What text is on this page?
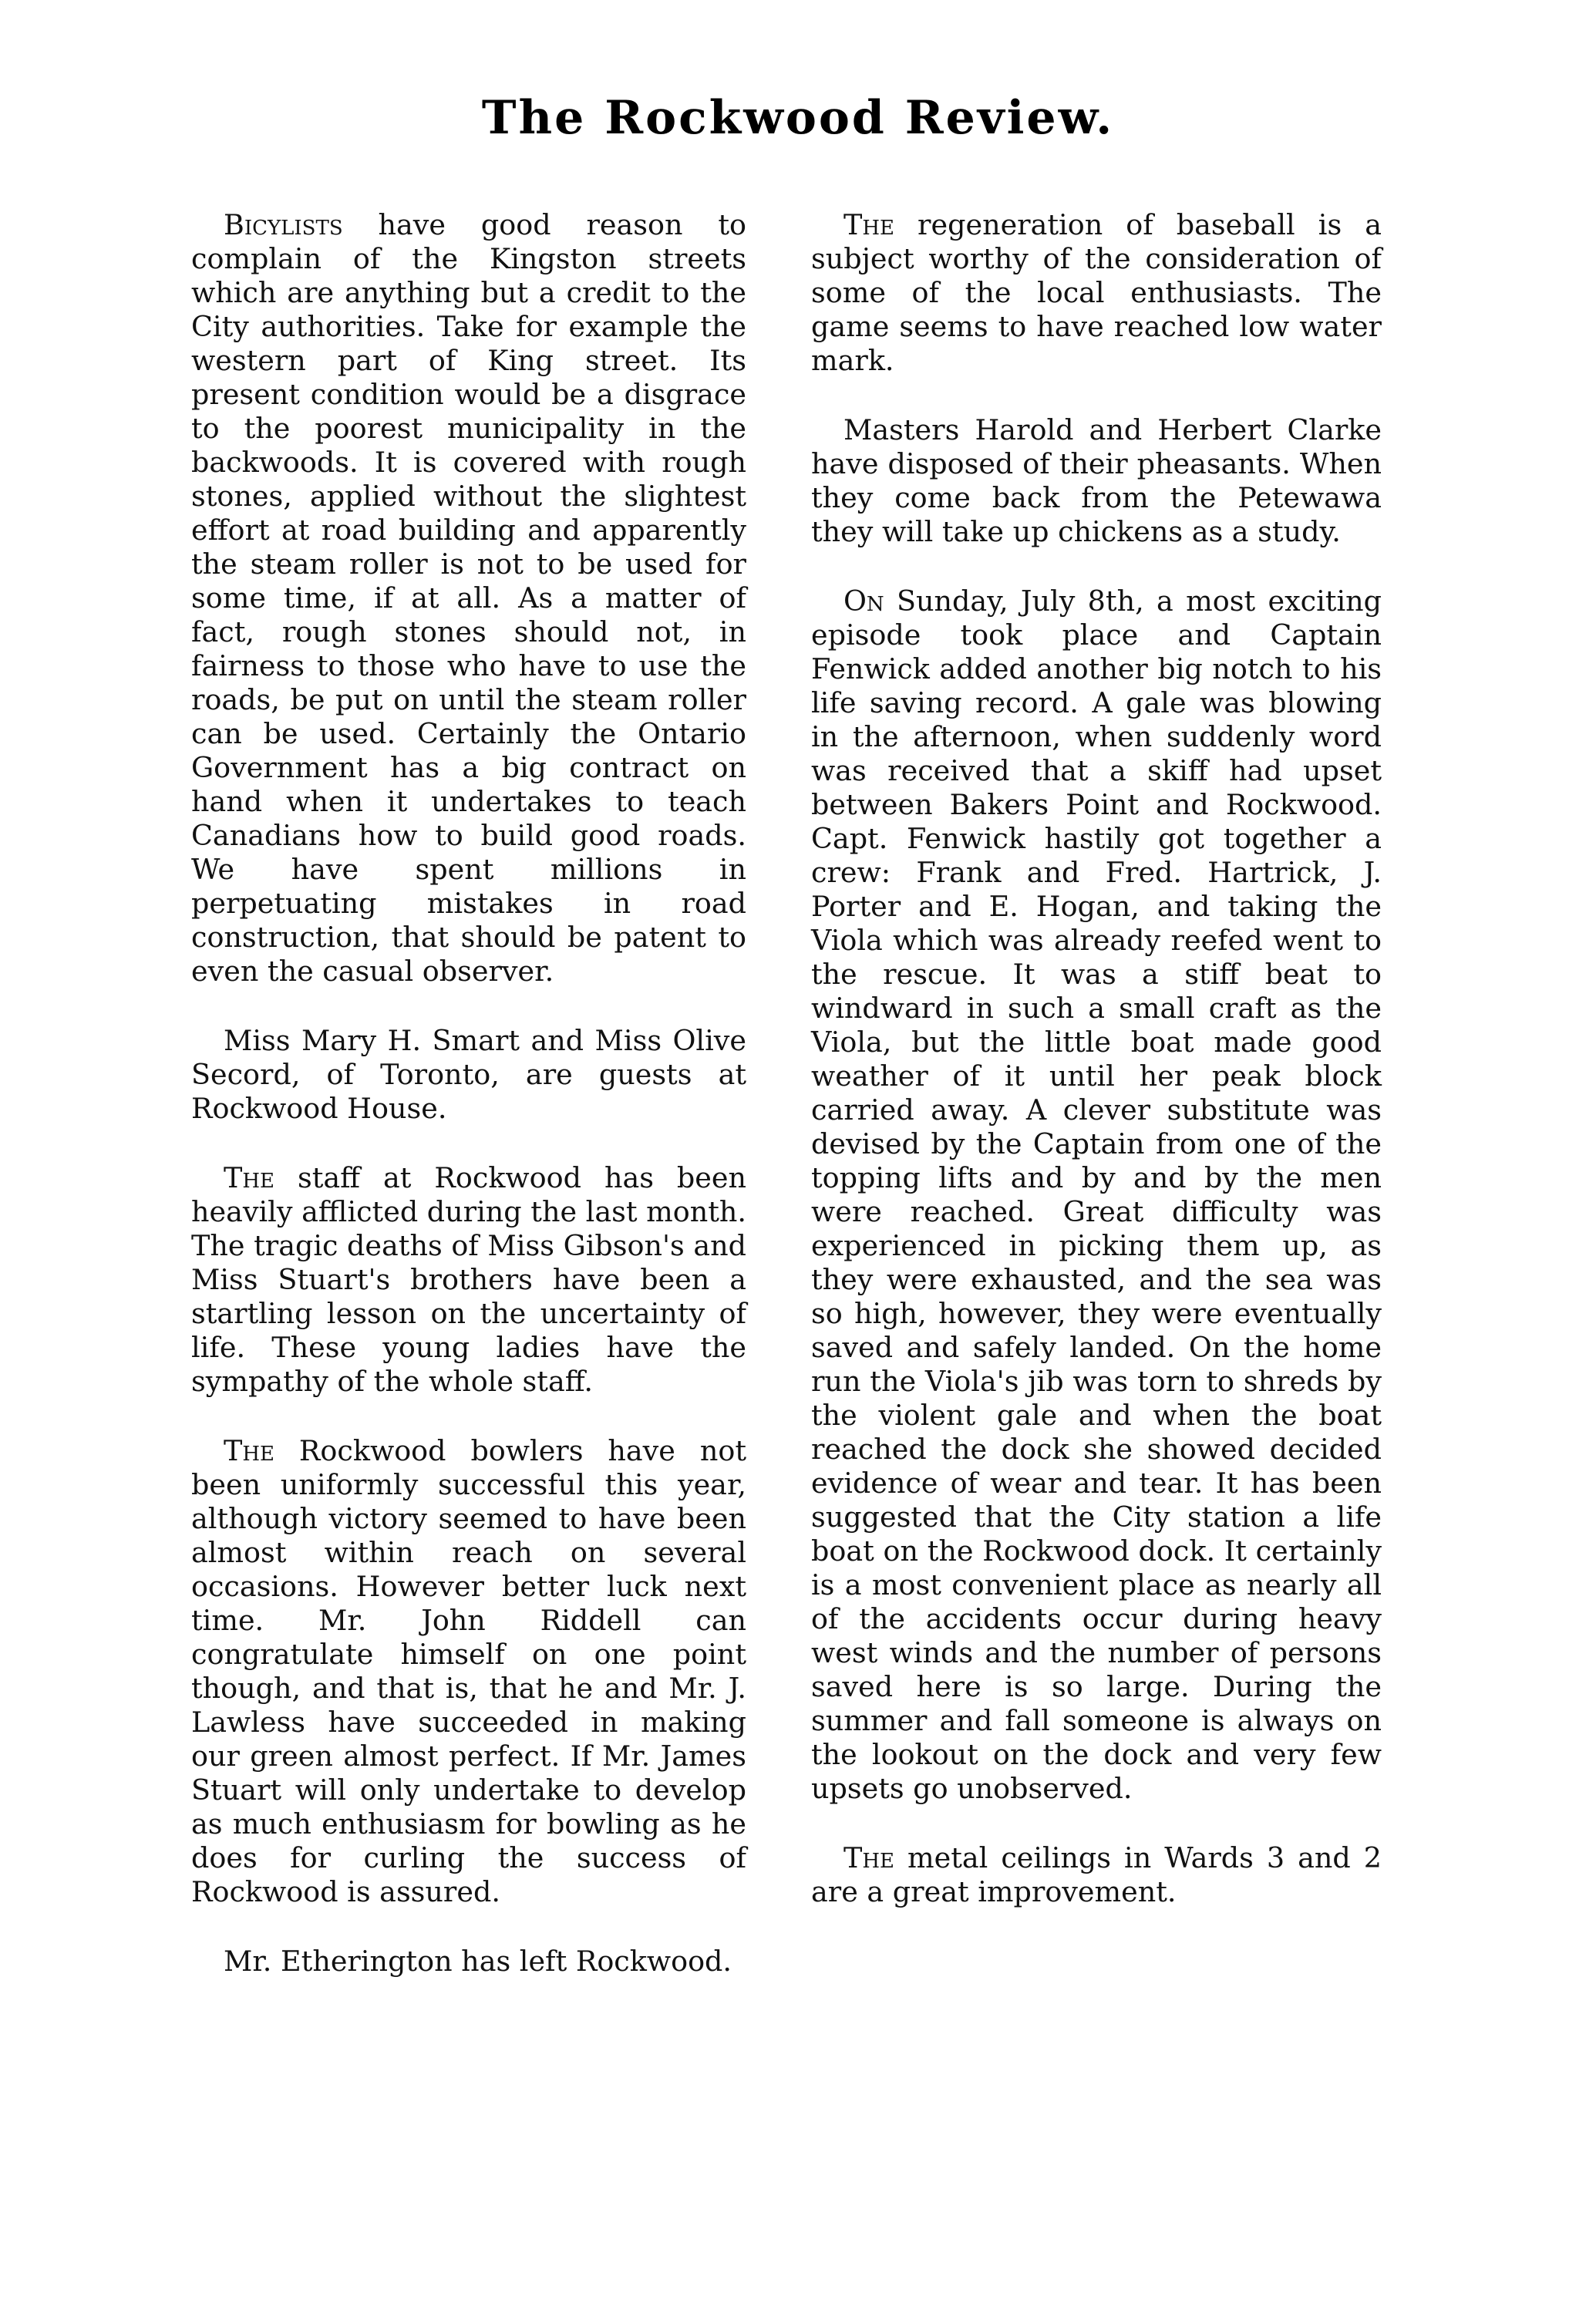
The Rockwood Review.

Bicylists have good reason to complain of the Kingston streets which are anything but a credit to the City authorities. Take for example the western part of King street. Its present condition would be a disgrace to the poorest municipality in the backwoods. It is covered with rough stones, applied without the slightest effort at road building and apparently the steam roller is not to be used for some time, if at all. As a matter of fact, rough stones should not, in fairness to those who have to use the roads, be put on until the steam roller can be used. Certainly the Ontario Government has a big contract on hand when it undertakes to teach Canadians how to build good roads. We have spent millions in perpetuating mistakes in road construction, that should be patent to even the casual observer.

Miss Mary H. Smart and Miss Olive Secord, of Toronto, are guests at Rockwood House.

The staff at Rockwood has been heavily afflicted during the last month. The tragic deaths of Miss Gibson's and Miss Stuart's brothers have been a startling lesson on the uncertainty of life. These young ladies have the sympathy of the whole staff.

The Rockwood bowlers have not been uniformly successful this year, although victory seemed to have been almost within reach on several occasions. However better luck next time. Mr. John Riddell can congratulate himself on one point though, and that is, that he and Mr. J. Lawless have succeeded in making our green almost perfect. If Mr. James Stuart will only undertake to develop as much enthusiasm for bowling as he does for curling the success of Rockwood is assured.

Mr. Etherington has left Rockwood.

The regeneration of baseball is a subject worthy of the consideration of some of the local enthusiasts. The game seems to have reached low water mark.

Masters Harold and Herbert Clarke have disposed of their pheasants. When they come back from the Petewawa they will take up chickens as a study.

On Sunday, July 8th, a most exciting episode took place and Captain Fenwick added another big notch to his life saving record. A gale was blowing in the afternoon, when suddenly word was received that a skiff had upset between Bakers Point and Rockwood. Capt. Fenwick hastily got together a crew: Frank and Fred. Hartrick, J. Porter and E. Hogan, and taking the Viola which was already reefed went to the rescue. It was a stiff beat to windward in such a small craft as the Viola, but the little boat made good weather of it until her peak block carried away. A clever substitute was devised by the Captain from one of the topping lifts and by and by the men were reached. Great difficulty was experienced in picking them up, as they were exhausted, and the sea was so high, however, they were eventually saved and safely landed. On the home run the Viola's jib was torn to shreds by the violent gale and when the boat reached the dock she showed decided evidence of wear and tear. It has been suggested that the City station a life boat on the Rockwood dock. It certainly is a most convenient place as nearly all of the accidents occur during heavy west winds and the number of persons saved here is so large. During the summer and fall someone is always on the lookout on the dock and very few upsets go unobserved.

The metal ceilings in Wards 3 and 2 are a great improvement.
